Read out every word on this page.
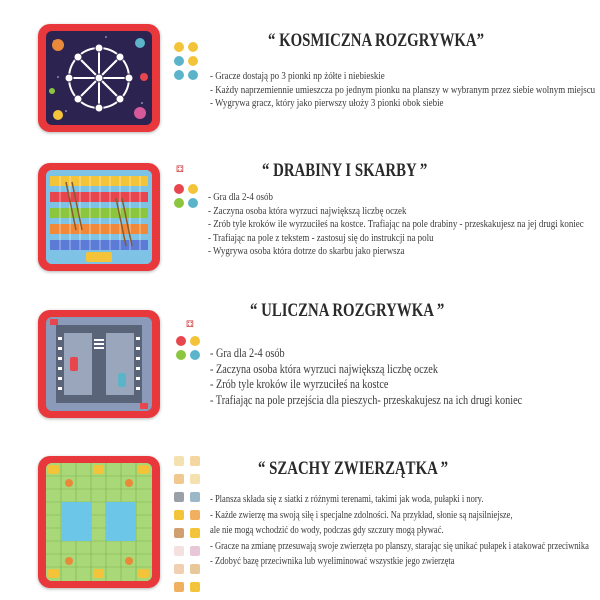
“ KOSMICZNA ROZGRYWKA”
- Gracze dostają po 3 pionki np żółte i niebieskie
- Każdy naprzemiennie umieszcza po jednym pionku na planszy w wybranym przez siebie wolnym miejscu
- Wygrywa gracz, który jako pierwszy ułoży 3 pionki obok siebie
⚃	“ DRABINY I SKARBY ”
- Gra dla 2-4 osób
- Zaczyna osoba która wyrzuci największą liczbę oczek
- Zrób tyle kroków ile wyrzuciłeś na kostce. Trafiając na pole drabiny - przeskakujesz na jej drugi koniec
- Trafiając na pole z tekstem - zastosuj się do instrukcji na polu
- Wygrywa osoba która dotrze do skarbu jako pierwsza
⚃
“ ULICZNA ROZGRYWKA ”
- Gra dla 2-4 osób
- Zaczyna osoba która wyrzuci największą liczbę oczek
- Zrób tyle kroków ile wyrzuciłeś na kostce
- Trafiając na pole przejścia dla pieszych- przeskakujesz na ich drugi koniec
“ SZACHY ZWIERZĄTKA ”
- Plansza składa się z siatki z różnymi terenami, takimi jak woda, pułapki i nory.
- Każde zwierzę ma swoją siłę i specjalne zdolności. Na przykład, słonie są najsilniejsze,
ale nie mogą wchodzić do wody, podczas gdy szczury mogą pływać.
- Gracze na zmianę przesuwają swoje zwierzęta po planszy, starając się unikać pułapek i atakować przeciwnika
- Zdobyć bazę przeciwnika lub wyeliminować wszystkie jego zwierzęta
